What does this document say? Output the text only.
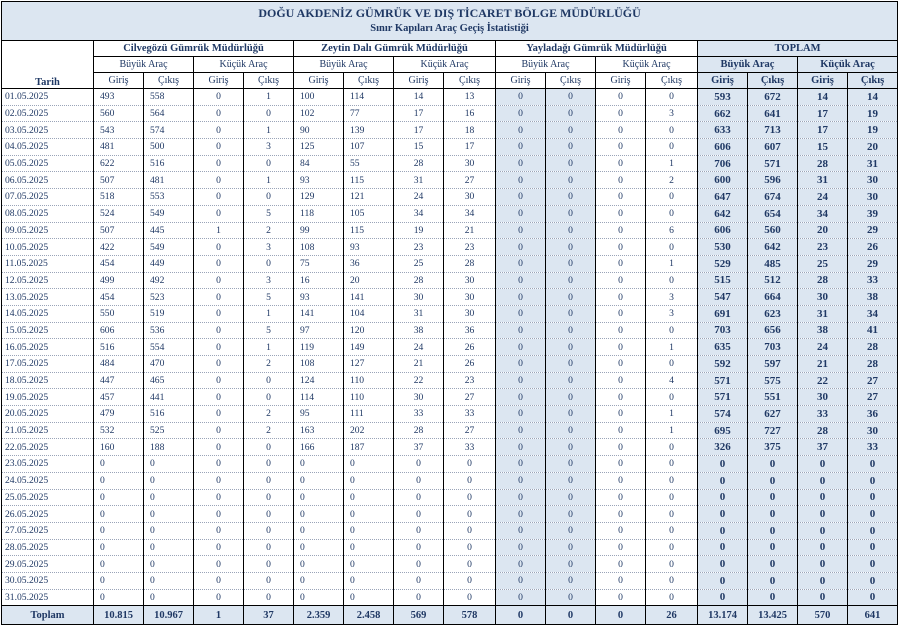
DOĞU AKDENİZ GÜMRÜK VE DIŞ TİCARET BÖLGE MÜDÜRLÜĞÜ
Sınır Kapıları Araç Geçiş İstatistiği																

Tarih	Cilvegözü Gümrük Müdürlüğü				Zeytin Dalı Gümrük Müdürlüğü				Yayladağı Gümrük Müdürlüğü				TOPLAM			
	Büyük Araç		Küçük Araç		Büyük Araç		Küçük Araç		Büyük Araç		Küçük Araç		Büyük Araç		Küçük Araç	
	Giriş	Çıkış	Giriş	Çıkış	Giriş	Çıkış	Giriş	Çıkış	Giriş	Çıkış	Giriş	Çıkış	Giriş	Çıkış	Giriş	Çıkış
01.05.2025	493	558	0	1	100	114	14	13	0	0	0	0	593	672	14	14
02.05.2025	560	564	0	0	102	77	17	16	0	0	0	3	662	641	17	19
03.05.2025	543	574	0	1	90	139	17	18	0	0	0	0	633	713	17	19
04.05.2025	481	500	0	3	125	107	15	17	0	0	0	0	606	607	15	20
05.05.2025	622	516	0	0	84	55	28	30	0	0	0	1	706	571	28	31
06.05.2025	507	481	0	1	93	115	31	27	0	0	0	2	600	596	31	30
07.05.2025	518	553	0	0	129	121	24	30	0	0	0	0	647	674	24	30
08.05.2025	524	549	0	5	118	105	34	34	0	0	0	0	642	654	34	39
09.05.2025	507	445	1	2	99	115	19	21	0	0	0	6	606	560	20	29
10.05.2025	422	549	0	3	108	93	23	23	0	0	0	0	530	642	23	26
11.05.2025	454	449	0	0	75	36	25	28	0	0	0	1	529	485	25	29
12.05.2025	499	492	0	3	16	20	28	30	0	0	0	0	515	512	28	33
13.05.2025	454	523	0	5	93	141	30	30	0	0	0	3	547	664	30	38
14.05.2025	550	519	0	1	141	104	31	30	0	0	0	3	691	623	31	34
15.05.2025	606	536	0	5	97	120	38	36	0	0	0	0	703	656	38	41
16.05.2025	516	554	0	1	119	149	24	26	0	0	0	1	635	703	24	28
17.05.2025	484	470	0	2	108	127	21	26	0	0	0	0	592	597	21	28
18.05.2025	447	465	0	0	124	110	22	23	0	0	0	4	571	575	22	27
19.05.2025	457	441	0	0	114	110	30	27	0	0	0	0	571	551	30	27
20.05.2025	479	516	0	2	95	111	33	33	0	0	0	1	574	627	33	36
21.05.2025	532	525	0	2	163	202	28	27	0	0	0	1	695	727	28	30
22.05.2025	160	188	0	0	166	187	37	33	0	0	0	0	326	375	37	33
23.05.2025	0	0	0	0	0	0	0	0	0	0	0	0	0	0	0	0
24.05.2025	0	0	0	0	0	0	0	0	0	0	0	0	0	0	0	0
25.05.2025	0	0	0	0	0	0	0	0	0	0	0	0	0	0	0	0
26.05.2025	0	0	0	0	0	0	0	0	0	0	0	0	0	0	0	0
27.05.2025	0	0	0	0	0	0	0	0	0	0	0	0	0	0	0	0
28.05.2025	0	0	0	0	0	0	0	0	0	0	0	0	0	0	0	0
29.05.2025	0	0	0	0	0	0	0	0	0	0	0	0	0	0	0	0
30.05.2025	0	0	0	0	0	0	0	0	0	0	0	0	0	0	0	0
31.05.2025	0	0	0	0	0	0	0	0	0	0	0	0	0	0	0	0
Toplam	10.815	10.967	1	37	2.359	2.458	569	578	0	0	0	26	13.174	13.425	570	641
